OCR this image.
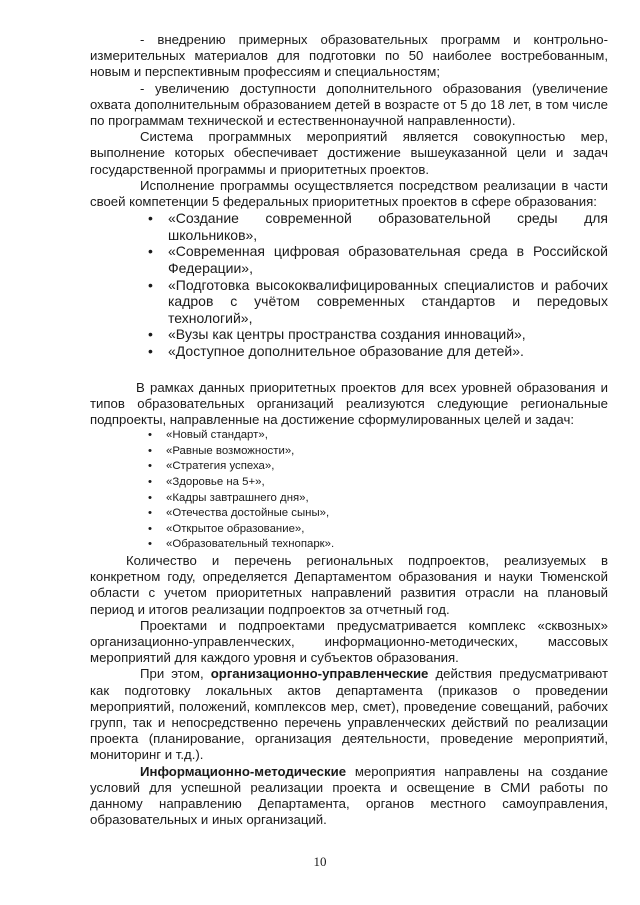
- внедрению примерных образовательных программ и контрольно-измерительных материалов для подготовки по 50 наиболее востребованным, новым и перспективным профессиям и специальностям;

- увеличению доступности дополнительного образования (увеличение охвата дополнительным образованием детей в возрасте от 5 до 18 лет, в том числе по программам технической и естественнонаучной направленности).

Система программных мероприятий является совокупностью мер, выполнение которых обеспечивает достижение вышеуказанной цели и задач государственной программы и приоритетных проектов.

Исполнение программы осуществляется посредством реализации в части своей компетенции 5 федеральных приоритетных проектов в сфере образования:

• «Создание современной образовательной среды для школьников»,
• «Современная цифровая образовательная среда в Российской Федерации»,
• «Подготовка высококвалифицированных специалистов и рабочих кадров с учётом современных стандартов и передовых технологий»,
• «Вузы как центры пространства создания инноваций»,
• «Доступное дополнительное образование для детей».

В рамках данных приоритетных проектов для всех уровней образования и типов образовательных организаций реализуются следующие региональные подпроекты, направленные на достижение сформулированных целей и задач:

• «Новый стандарт»,
• «Равные возможности»,
• «Стратегия успеха»,
• «Здоровье на 5+»,
• «Кадры завтрашнего дня»,
• «Отечества достойные сыны»,
• «Открытое образование»,
• «Образовательный технопарк».

Количество и перечень региональных подпроектов, реализуемых в конкретном году, определяется Департаментом образования и науки Тюменской области с учетом приоритетных направлений развития отрасли на плановый период и итогов реализации подпроектов за отчетный год.

Проектами и подпроектами предусматривается комплекс «сквозных» организационно-управленческих, информационно-методических, массовых мероприятий для каждого уровня и субъектов образования.

При этом, организационно-управленческие действия предусматривают как подготовку локальных актов департамента (приказов о проведении мероприятий, положений, комплексов мер, смет), проведение совещаний, рабочих групп, так и непосредственно перечень управленческих действий по реализации проекта (планирование, организация деятельности, проведение мероприятий, мониторинг и т.д.).

Информационно-методические мероприятия направлены на создание условий для успешной реализации проекта и освещение в СМИ работы по данному направлению Департамента, органов местного самоуправления, образовательных и иных организаций.

10
